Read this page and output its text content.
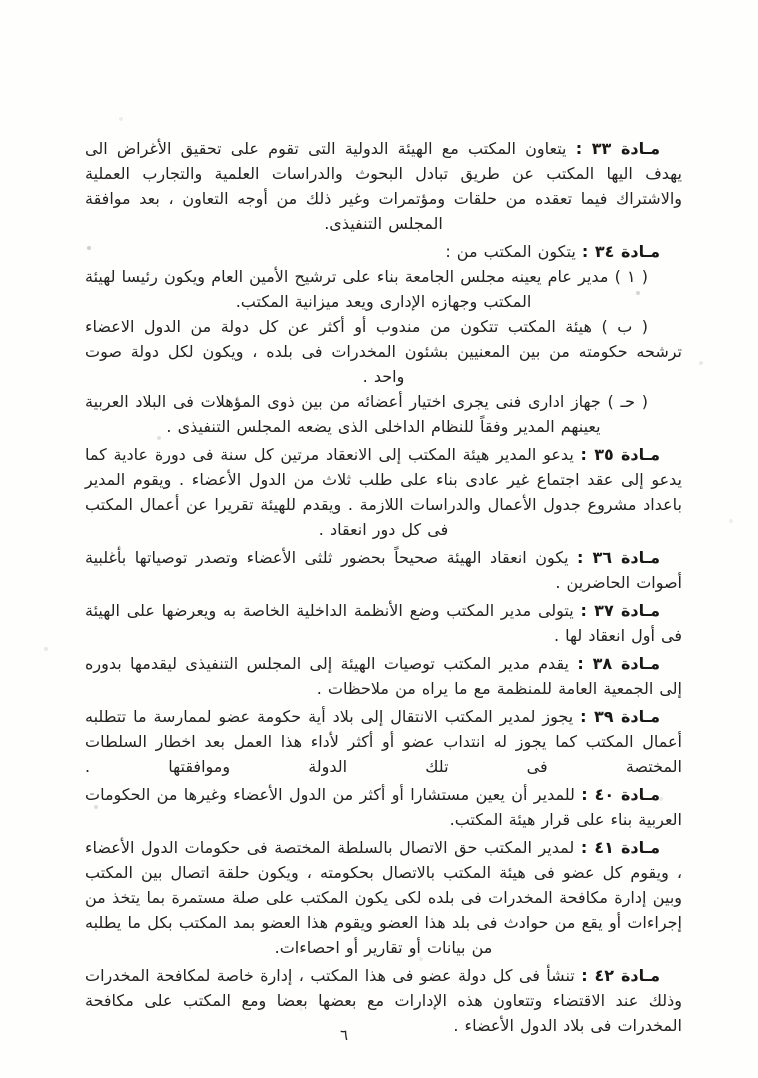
مـادة ٣٣ : يتعاون المكتب مع الهيئة الدولية التى تقوم على تحقيق الأغراض الى يهدف اليها المكتب عن طريق تبادل البحوث والدراسات العلمية والتجارب العملية والاشتراك فيما تعقده من حلقات ومؤتمرات وغير ذلك من أوجه التعاون ، بعد موافقة المجلس التنفيذى.

مـادة ٣٤ : يتكون المكتب من :

( ١ ) مدير عام يعينه مجلس الجامعة بناء على ترشيح الأمين العام ويكون رئيسا لهيئة المكتب وجهازه الإدارى ويعد ميزانية المكتب.

( ب ) هيئة المكتب تتكون من مندوب أو أكثر عن كل دولة من الدول الاعضاء ترشحه حكومته من بين المعنيين بشئون المخدرات فى بلده ، ويكون لكل دولة صوت واحد .

( حـ ) جهاز ادارى فنى يجرى اختيار أعضائه من بين ذوى المؤهلات فى البلاد العربية يعينهم المدير وفقاً للنظام الداخلى الذى يضعه المجلس التنفيذى .

مـادة ٣٥ : يدعو المدير هيئة المكتب إلى الانعقاد مرتين كل سنة فى دورة عادية كما يدعو إلى عقد اجتماع غير عادى بناء على طلب ثلاث من الدول الأعضاء . ويقوم المدير باعداد مشروع جدول الأعمال والدراسات اللازمة . ويقدم للهيئة تقريرا عن أعمال المكتب فى كل دور انعقاد .

مـادة ٣٦ : يكون انعقاد الهيئة صحيحاً بحضور ثلثى الأعضاء وتصدر توصياتها بأغلبية أصوات الحاضرين .

مـادة ٣٧ : يتولى مدير المكتب وضع الأنظمة الداخلية الخاصة به ويعرضها على الهيئة فى أول انعقاد لها .

مـادة ٣٨ : يقدم مدير المكتب توصيات الهيئة إلى المجلس التنفيذى ليقدمها بدوره إلى الجمعية العامة للمنظمة مع ما يراه من ملاحظات .

مـادة ٣٩ : يجوز لمدير المكتب الانتقال إلى بلاد أية حكومة عضو لممارسة ما تتطلبه أعمال المكتب كما يجوز له انتداب عضو أو أكثر لأداء هذا العمل بعد اخطار السلطات المختصة فى تلك الدولة وموافقتها .

مـادة ٤٠ : للمدير أن يعين مستشارا أو أكثر من الدول الأعضاء وغيرها من الحكومات العربية بناء على قرار هيئة المكتب.

مـادة ٤١ : لمدير المكتب حق الاتصال بالسلطة المختصة فى حكومات الدول الأعضاء ، ويقوم كل عضو فى هيئة المكتب بالاتصال بحكومته ، ويكون حلقة اتصال بين المكتب وبين إدارة مكافحة المخدرات فى بلده لكى يكون المكتب على صلة مستمرة بما يتخذ من إجراءات أو يقع من حوادث فى بلد هذا العضو ويقوم هذا العضو بمد المكتب بكل ما يطلبه من بيانات أو تقارير أو احصاءات.

مـادة ٤٢ : تنشأ فى كل دولة عضو فى هذا المكتب ، إدارة خاصة لمكافحة المخدرات وذلك عند الاقتضاء وتتعاون هذه الإدارات مع بعضها بعضا ومع المكتب على مكافحة المخدرات فى بلاد الدول الأعضاء .

٦
